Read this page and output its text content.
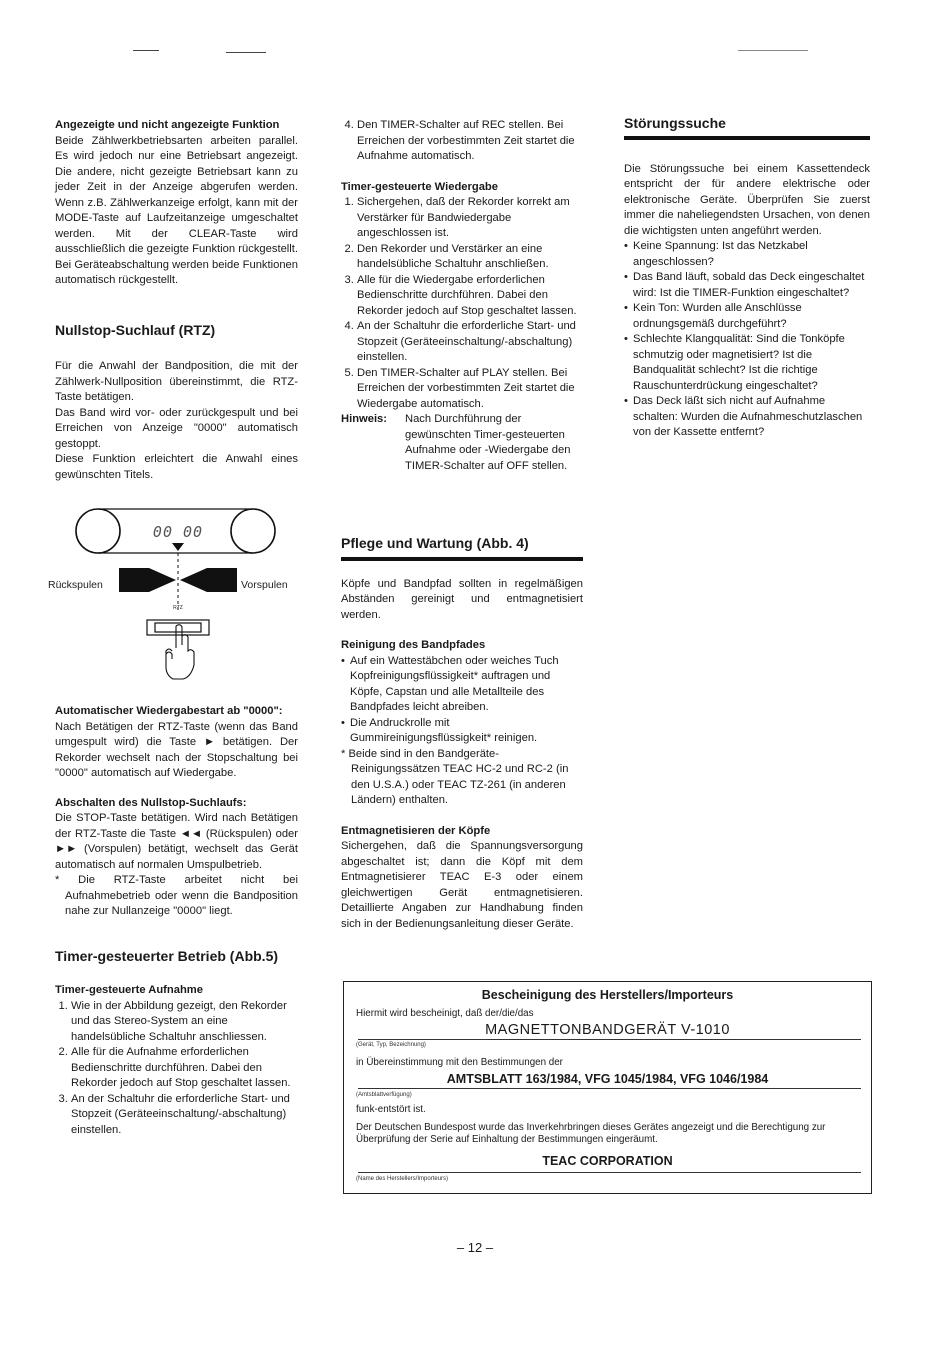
Angezeigte und nicht angezeigte Funktion

Beide Zählwerkbetriebsarten arbeiten parallel. Es wird jedoch nur eine Betriebsart angezeigt. Die andere, nicht gezeigte Betriebsart kann zu jeder Zeit in der Anzeige abgerufen werden. Wenn z.B. Zählwerkanzeige erfolgt, kann mit der MODE-Taste auf Laufzeitanzeige umgeschaltet werden. Mit der CLEAR-Taste wird ausschließlich die gezeigte Funktion rückgestellt. Bei Geräteabschaltung werden beide Funktionen automatisch rückgestellt.

Nullstop-Suchlauf (RTZ)

Für die Anwahl der Bandposition, die mit der Zählwerk-Nullposition übereinstimmt, die RTZ-Taste betätigen.

Das Band wird vor- oder zurückgespult und bei Erreichen von Anzeige "0000" automatisch gestoppt.

Diese Funktion erleichtert die Anwahl eines gewünschten Titels.

00 00
Rückspulen	Vorspulen
RTZ

Automatischer Wiedergabestart ab "0000":

Nach Betätigen der RTZ-Taste (wenn das Band umgespult wird) die Taste ► betätigen. Der Rekorder wechselt nach der Stopschaltung bei "0000" automatisch auf Wiedergabe.

Abschalten des Nullstop-Suchlaufs:

Die STOP-Taste betätigen. Wird nach Betätigen der RTZ-Taste die Taste ◄◄ (Rückspulen) oder ►► (Vorspulen) betätigt, wechselt das Gerät automatisch auf normalen Umspulbetrieb.

* Die RTZ-Taste arbeitet nicht bei Aufnahmebetrieb oder wenn die Bandposition nahe zur Nullanzeige "0000" liegt.

Timer-gesteuerter Betrieb (Abb.5)

Timer-gesteuerte Aufnahme

1. Wie in der Abbildung gezeigt, den Rekorder und das Stereo-System an eine handelsübliche Schaltuhr anschliessen.
2. Alle für die Aufnahme erforderlichen Bedienschritte durchführen. Dabei den Rekorder jedoch auf Stop geschaltet lassen.
3. An der Schaltuhr die erforderliche Start- und Stopzeit (Geräteeinschaltung/-abschaltung) einstellen.
4. Den TIMER-Schalter auf REC stellen. Bei Erreichen der vorbestimmten Zeit startet die Aufnahme automatisch.

Timer-gesteuerte Wiedergabe

1. Sichergehen, daß der Rekorder korrekt am Verstärker für Bandwiedergabe angeschlossen ist.
2. Den Rekorder und Verstärker an eine handelsübliche Schaltuhr anschließen.
3. Alle für die Wiedergabe erforderlichen Bedienschritte durchführen. Dabei den Rekorder jedoch auf Stop geschaltet lassen.
4. An der Schaltuhr die erforderliche Start- und Stopzeit (Geräteeinschaltung/-abschaltung) einstellen.
5. Den TIMER-Schalter auf PLAY stellen. Bei Erreichen der vorbestimmten Zeit startet die Wiedergabe automatisch.
Hinweis:	Nach Durchführung der gewünschten Timer-gesteuerten Aufnahme oder -Wiedergabe den TIMER-Schalter auf OFF stellen.

Pflege und Wartung (Abb. 4)

Köpfe und Bandpfad sollten in regelmäßigen Abständen gereinigt und entmagnetisiert werden.

Reinigung des Bandpfades

• Auf ein Wattestäbchen oder weiches Tuch Kopfreinigungsflüssigkeit* auftragen und Köpfe, Capstan und alle Metallteile des Bandpfades leicht abreiben.
• Die Andruckrolle mit Gummireinigungsflüssigkeit* reinigen.

* Beide sind in den Bandgeräte-Reinigungssätzen TEAC HC-2 und RC-2 (in den U.S.A.) oder TEAC TZ-261 (in anderen Ländern) enthalten.

Entmagnetisieren der Köpfe

Sichergehen, daß die Spannungsversorgung abgeschaltet ist; dann die Köpf mit dem Entmagnetisierer TEAC E-3 oder einem gleichwertigen Gerät entmagnetisieren. Detaillierte Angaben zur Handhabung finden sich in der Bedienungsanleitung dieser Geräte.

Störungssuche

Die Störungssuche bei einem Kassettendeck entspricht der für andere elektrische oder elektronische Geräte. Überprüfen Sie zuerst immer die naheliegendsten Ursachen, von denen die wichtigsten unten angeführt werden.

• Keine Spannung: Ist das Netzkabel angeschlossen?
• Das Band läuft, sobald das Deck eingeschaltet wird: Ist die TIMER-Funktion eingeschaltet?
• Kein Ton: Wurden alle Anschlüsse ordnungsgemäß durchgeführt?
• Schlechte Klangqualität: Sind die Tonköpfe schmutzig oder magnetisiert? Ist die Bandqualität schlecht? Ist die richtige Rauschunterdrückung eingeschaltet?
• Das Deck läßt sich nicht auf Aufnahme schalten: Wurden die Aufnahmeschutzlaschen von der Kassette entfernt?
Bescheinigung des Herstellers/Importeurs
Hiermit wird bescheinigt, daß der/die/das
MAGNETTONBANDGERÄT V-1010
(Gerät, Typ, Bezeichnung)
in Übereinstimmung mit den Bestimmungen der
AMTSBLATT 163/1984, VFG 1045/1984, VFG 1046/1984
(Amtsblattverfügung)
funk-entstört ist.
Der Deutschen Bundespost wurde das Inverkehrbringen dieses Gerätes angezeigt und die Berechtigung zur Überprüfung der Serie auf Einhaltung der Bestimmungen eingeräumt.
TEAC CORPORATION
(Name des Herstellers/Importeurs)
– 12 –
